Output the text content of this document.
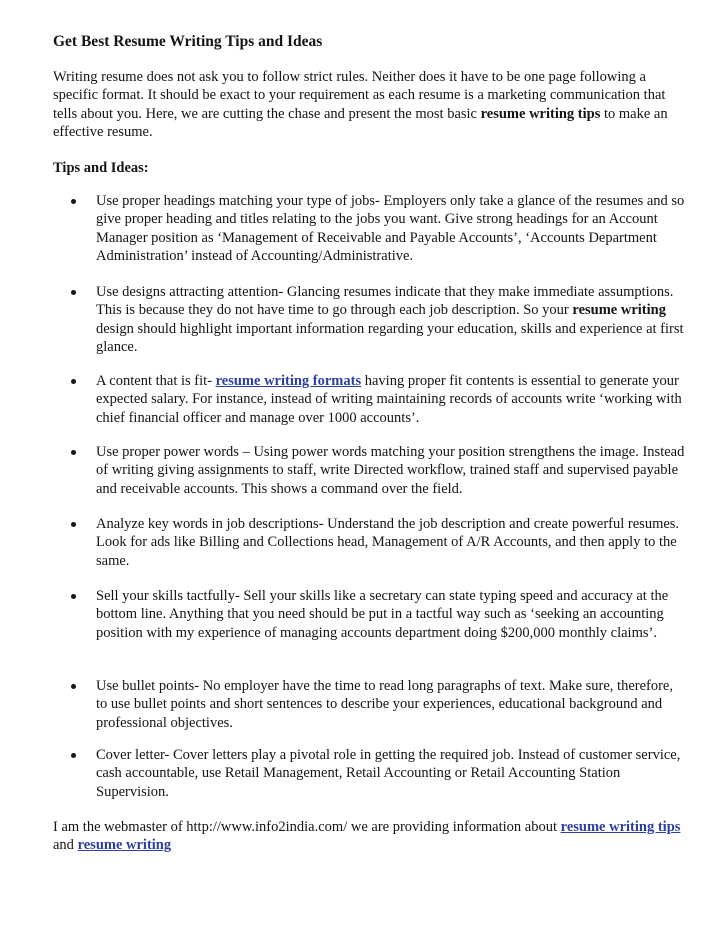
Get Best Resume Writing Tips and Ideas

Writing resume does not ask you to follow strict rules. Neither does it have to be one page following a specific format. It should be exact to your requirement as each resume is a marketing communication that tells about you. Here, we are cutting the chase and present the most basic resume writing tips to make an effective resume.

Tips and Ideas:

Use proper headings matching your type of jobs- Employers only take a glance of the resumes and so give proper heading and titles relating to the jobs you want. Give strong headings for an Account Manager position as ‘Management of Receivable and Payable Accounts’, ‘Accounts Department Administration’ instead of Accounting/Administrative.
Use designs attracting attention- Glancing resumes indicate that they make immediate assumptions. This is because they do not have time to go through each job description. So your resume writing design should highlight important information regarding your education, skills and experience at first glance.
A content that is fit- resume writing formats having proper fit contents is essential to generate your expected salary. For instance, instead of writing maintaining records of accounts write ‘working with chief financial officer and manage over 1000 accounts’.
Use proper power words – Using power words matching your position strengthens the image. Instead of writing giving assignments to staff, write Directed workflow, trained staff and supervised payable and receivable accounts. This shows a command over the field.
Analyze key words in job descriptions- Understand the job description and create powerful resumes. Look for ads like Billing and Collections head, Management of A/R Accounts, and then apply to the same.
Sell your skills tactfully- Sell your skills like a secretary can state typing speed and accuracy at the bottom line. Anything that you need should be put in a tactful way such as ‘seeking an accounting position with my experience of managing accounts department doing $200,000 monthly claims’.
Use bullet points- No employer have the time to read long paragraphs of text. Make sure, therefore, to use bullet points and short sentences to describe your experiences, educational background and professional objectives.
Cover letter- Cover letters play a pivotal role in getting the required job. Instead of customer service, cash accountable, use Retail Management, Retail Accounting or Retail Accounting Station Supervision.

I am the webmaster of http://www.info2india.com/ we are providing information about resume writing tips and resume writing
